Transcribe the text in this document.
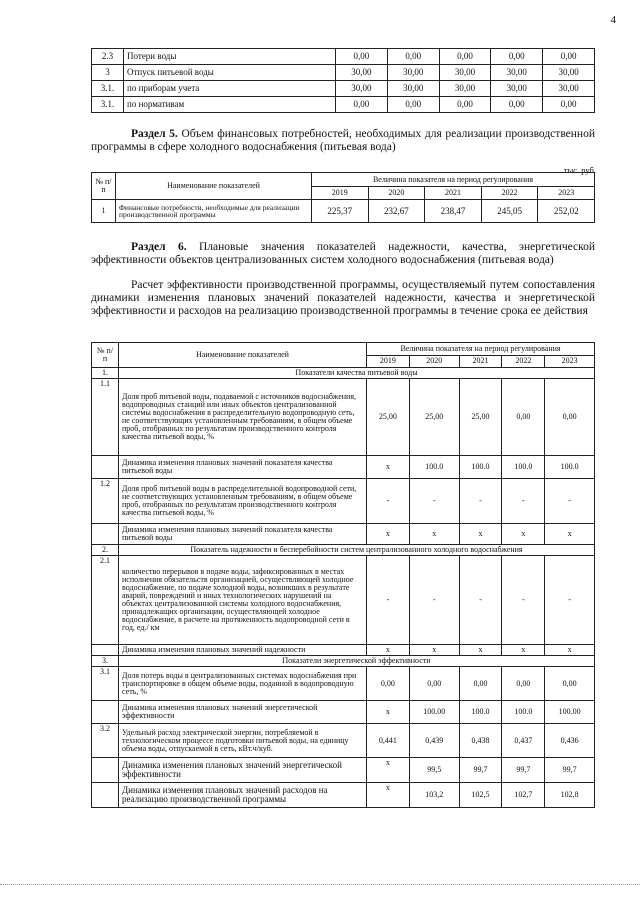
4
2.3	Потери воды	0,00	0,00	0,00	0,00	0,00
3	Отпуск питьевой воды	30,00	30,00	30,00	30,00	30,00
3.1.	по приборам учета	30,00	30,00	30,00	30,00	30,00
3.1.	по нормативам	0,00	0,00	0,00	0,00	0,00
Раздел 5. Объем финансовых потребностей, необходимых для реализации производственной программы в сфере холодного водоснабжения (питьевая вода)
тыс. руб.
№ п/п	Наименование показателей	Величина показателя на период регулирования				
		2019	2020	2021	2022	2023
1	Финансовые потребности, необходимые для реализации производственной программы	225,37	232,67	238,47	245,05	252,02
Раздел 6. Плановые значения показателей надежности, качества, энергетической эффективности объектов централизованных систем холодного водоснабжения (питьевая вода)
Расчет эффективности производственной программы, осуществляемый путем сопоставления динамики изменения плановых значений показателей надежности, качества и энергетической эффективности и расходов на реализацию производственной программы в течение срока ее действия
№ п/п	Наименование показателей	Величина показателя на период регулирования				
		2019	2020	2021	2022	2023
1.	Показатели качества питьевой воды					
1.1	Доля проб питьевой воды, подаваемой с источников водоснабжения, водопроводных станций или иных объектов централизованной системы водоснабжения в распределительную водопроводную сеть, не соответствующих установленным требованиям, в общем объеме проб, отобранных по результатам производственного контроля качества питьевой воды, %	25,00	25,00	25,00	0,00	0,00
	Динамика изменения плановых значений показателя качества питьевой воды	x	100.0	100.0	100.0	100.0
1.2	Доля проб питьевой воды в распределительной водопроводной сети, не соответствующих установленным требованиям, в общем объеме проб, отобранных по результатам производственного контроля качества питьевой воды, %	-	-	-	-	-
	Динамика изменения плановых значений показателя качества питьевой воды	x	x	x	x	x
2.	Показатель надежности и бесперебойности систем централизованного холодного водоснабжения					
2.1	количество перерывов в подаче воды, зафиксированных в местах исполнения обязательств организацией, осуществляющей холодное водоснабжение, по подаче холодной воды, возникших в результате аварий, повреждений и иных технологических нарушений на объектах централизованной системы холодного водоснабжения, принадлежащих организации, осуществляющей холодное водоснабжение, в расчете на протяженность водопроводной сети в год, ед./ км	-	-	-	-	-
	Динамика изменения плановых значений надежности	x	x	x	x	x
3.	Показатели энергетической эффективности					
3.1	Доля потерь воды в централизованных системах водоснабжения при транспортировке в общем объеме воды, поданной в водопроводную сеть, %	0,00	0,00	0,00	0,00	0,00
	Динамика изменения плановых значений энергетической эффективности	x	100.00	100.0	100.0	100.00
3.2	Удельный расход электрической энергии, потребляемой в технологическом процессе подготовки питьевой воды, на единицу объема воды, отпускаемой в сеть, кВт.ч/куб.	0,441	0,439	0,438	0,437	0,436
	Динамика изменения плановых значений энергетической эффективности	x	99,5	99,7	99,7	99,7
	Динамика изменения плановых значений расходов на реализацию производственной программы	x	103,2	102,5	102,7	102,8
